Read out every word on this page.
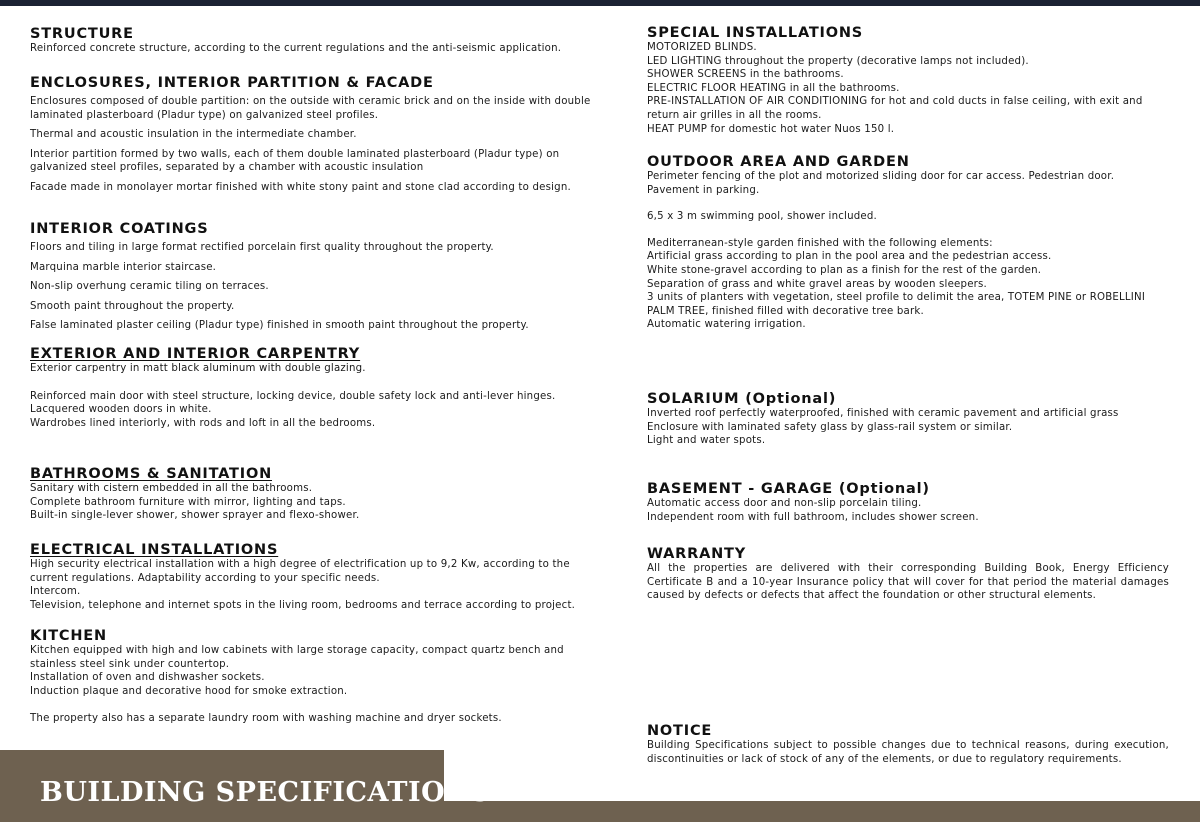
STRUCTURE

Reinforced concrete structure, according to the current regulations and the anti-seismic application.

ENCLOSURES, INTERIOR PARTITION & FACADE

Enclosures composed of double partition: on the outside with ceramic brick and on the inside with double laminated plasterboard (Pladur type) on galvanized steel profiles.

Thermal and acoustic insulation in the intermediate chamber.

Interior partition formed by two walls, each of them double laminated plasterboard (Pladur type) on galvanized steel profiles, separated by a chamber with acoustic insulation

Facade made in monolayer mortar finished with white stony paint and stone clad according to design.

INTERIOR COATINGS

Floors and tiling in large format rectified porcelain first quality throughout the property.

Marquina marble interior staircase.

Non-slip overhung ceramic tiling on terraces.

Smooth paint throughout the property.

False laminated plaster ceiling (Pladur type) finished in smooth paint throughout the property.

EXTERIOR AND INTERIOR CARPENTRY

Exterior carpentry in matt black aluminum with double glazing.

Reinforced main door with steel structure, locking device, double safety lock and anti-lever hinges.

Lacquered wooden doors in white.

Wardrobes lined interiorly, with rods and loft in all the bedrooms.

BATHROOMS & SANITATION

Sanitary with cistern embedded in all the bathrooms.

Complete bathroom furniture with mirror, lighting and taps.

Built-in single-lever shower, shower sprayer and flexo-shower.

ELECTRICAL INSTALLATIONS

High security electrical installation with a high degree of electrification up to 9,2 Kw, according to the current regulations. Adaptability according to your specific needs.

Intercom.

Television, telephone and internet spots in the living room, bedrooms and terrace according to project.

KITCHEN

Kitchen equipped with high and low cabinets with large storage capacity, compact quartz bench and stainless steel sink under countertop.

Installation of oven and dishwasher sockets.

Induction plaque and decorative hood for smoke extraction.

The property also has a separate laundry room with washing machine and dryer sockets.

SPECIAL INSTALLATIONS

MOTORIZED BLINDS.

LED LIGHTING throughout the property (decorative lamps not included).

SHOWER SCREENS in the bathrooms.

ELECTRIC FLOOR HEATING in all the bathrooms.

PRE-INSTALLATION OF AIR CONDITIONING for hot and cold ducts in false ceiling, with exit and return air grilles in all the rooms.

HEAT PUMP for domestic hot water Nuos 150 l.

OUTDOOR AREA AND GARDEN

Perimeter fencing of the plot and motorized sliding door for car access. Pedestrian door. Pavement in parking.

6,5 x 3 m swimming pool, shower included.

Mediterranean-style garden finished with the following elements:

Artificial grass according to plan in the pool area and the pedestrian access.

White stone-gravel according to plan as a finish for the rest of the garden.

Separation of grass and white gravel areas by wooden sleepers.

3 units of planters with vegetation, steel profile to delimit the area, TOTEM PINE or ROBELLINI PALM TREE, finished filled with decorative tree bark.

Automatic watering irrigation.

SOLARIUM (Optional)

Inverted roof perfectly waterproofed, finished with ceramic pavement and artificial grass

Enclosure with laminated safety glass by glass-rail system or similar.

Light and water spots.

BASEMENT - GARAGE (Optional)

Automatic access door and non-slip porcelain tiling.

Independent room with full bathroom, includes shower screen.

WARRANTY

All the properties are delivered with their corresponding Building Book, Energy Efficiency Certificate B and a 10-year Insurance policy that will cover for that period the material damages caused by defects or defects that affect the foundation or other structural elements.

NOTICE

Building Specifications subject to possible changes due to technical reasons, during execution, discontinuities or lack of stock of any of the elements, or due to regulatory requirements.

BUILDING SPECIFICATIONS
